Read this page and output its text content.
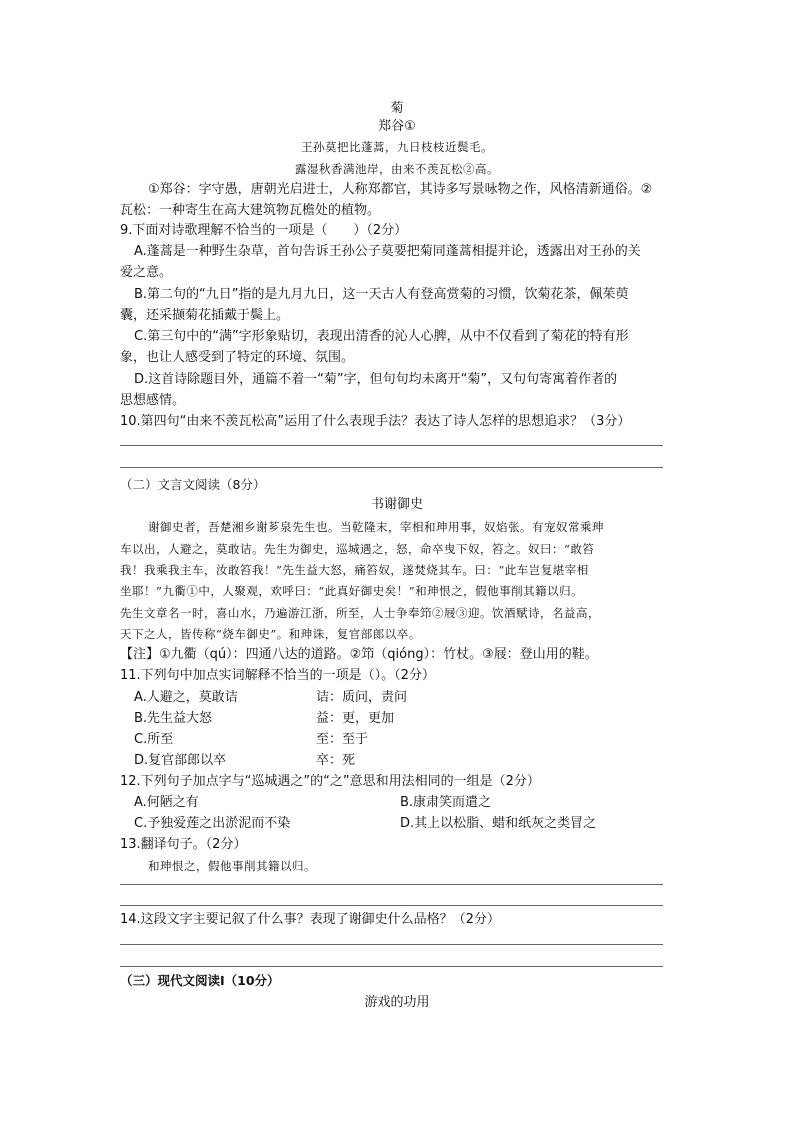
菊
郑谷①
王孙莫把比蓬蒿，九日枝枝近鬓毛。
露湿秋香满池岸，由来不羡瓦松②高。
①郑谷：字守愚，唐朝光启进士，人称郑都官，其诗多写景咏物之作，风格清新通俗。②
瓦松：一种寄生在高大建筑物瓦檐处的植物。
9.下面对诗歌理解不恰当的一项是（　　）（2分）
A.蓬蒿是一种野生杂草，首句告诉王孙公子莫要把菊同蓬蒿相提并论，透露出对王孙的关
爱之意。
B.第二句的“九日”指的是九月九日，这一天古人有登高赏菊的习惯，饮菊花茶，佩茱萸
囊，还采撷菊花插戴于鬓上。
C.第三句中的“满”字形象贴切，表现出清香的沁人心脾，从中不仅看到了菊花的特有形
象，也让人感受到了特定的环境、氛围。
D.这首诗除题目外，通篇不着一“菊”字，但句句均未离开“菊”，又句句寄寓着作者的
思想感情。
10.第四句“由来不羡瓦松高”运用了什么表现手法？表达了诗人怎样的思想追求？（3分）
（二）文言文阅读（8分）
书谢御史
谢御史者，吾楚湘乡谢芗泉先生也。当乾隆末，宰相和珅用事，奴焰张。有宠奴常乘珅
车以出，人避之，莫敢诘。先生为御史，巡城遇之，怒，命卒曳下奴，笞之。奴曰：“敢笞
我！我乘我主车，汝敢笞我！”先生益大怒，痛笞奴，遂焚烧其车。曰：“此车岂复堪宰相
坐耶！”九衢①中，人聚观，欢呼曰：“此真好御史矣！”和珅恨之，假他事削其籍以归。
先生文章名一时，喜山水，乃遍游江浙，所至，人士争奉笻②屐③迎。饮酒赋诗，名益高，
天下之人，皆传称“烧车御史”。和珅诛，复官部郎以卒。
【注】①九衢（qú）：四通八达的道路。②笻（qióng）：竹杖。③屐：登山用的鞋。
11.下列句中加点实词解释不恰当的一项是（）。（2分）
A.人避之，莫敢诘	诘：质问，责问
B.先生益大怒	益：更，更加
C.所至	至：至于
D.复官部郎以卒	卒：死
12.下列句子加点字与“巡城遇之”的“之”意思和用法相同的一组是（2分）
A.何陋之有	B.康肃笑而遣之
C.予独爱莲之出淤泥而不染	D.其上以松脂、蜡和纸灰之类冒之
13.翻译句子。（2分）
和珅恨之，假他事削其籍以归。
14.这段文字主要记叙了什么事？表现了谢御史什么品格？（2分）
（三）现代文阅读Ⅰ（10分）
游戏的功用
